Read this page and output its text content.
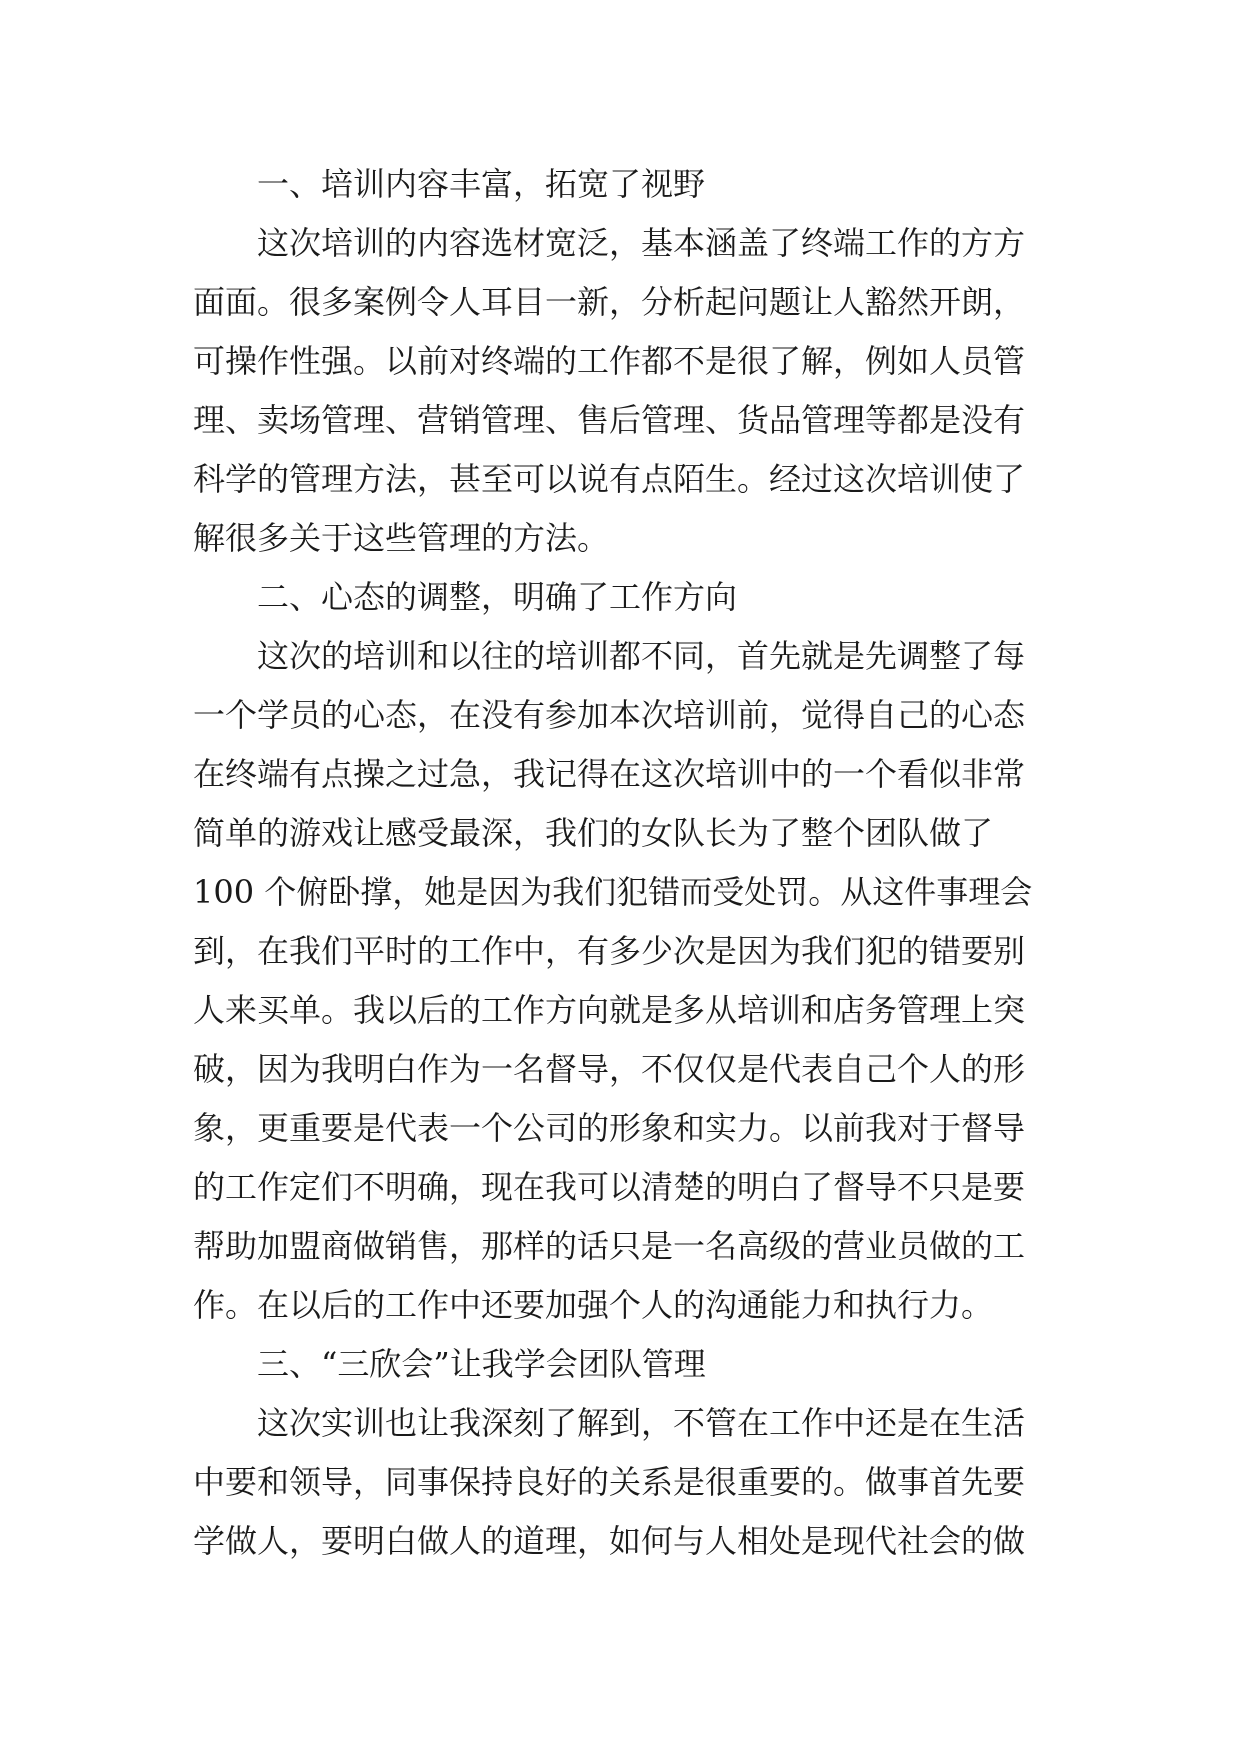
一、培训内容丰富，拓宽了视野
这次培训的内容选材宽泛，基本涵盖了终端工作的方方
面面。很多案例令人耳目一新，分析起问题让人豁然开朗，
可操作性强。以前对终端的工作都不是很了解，例如人员管
理、卖场管理、营销管理、售后管理、货品管理等都是没有
科学的管理方法，甚至可以说有点陌生。经过这次培训使了
解很多关于这些管理的方法。
二、心态的调整，明确了工作方向
这次的培训和以往的培训都不同，首先就是先调整了每
一个学员的心态，在没有参加本次培训前，觉得自己的心态
在终端有点操之过急，我记得在这次培训中的一个看似非常
简单的游戏让感受最深，我们的女队长为了整个团队做了
100 个俯卧撑，她是因为我们犯错而受处罚。从这件事理会
到，在我们平时的工作中，有多少次是因为我们犯的错要别
人来买单。我以后的工作方向就是多从培训和店务管理上突
破，因为我明白作为一名督导，不仅仅是代表自己个人的形
象，更重要是代表一个公司的形象和实力。以前我对于督导
的工作定们不明确，现在我可以清楚的明白了督导不只是要
帮助加盟商做销售，那样的话只是一名高级的营业员做的工
作。在以后的工作中还要加强个人的沟通能力和执行力。
三、“三欣会”让我学会团队管理
这次实训也让我深刻了解到，不管在工作中还是在生活
中要和领导，同事保持良好的关系是很重要的。做事首先要
学做人，要明白做人的道理，如何与人相处是现代社会的做
